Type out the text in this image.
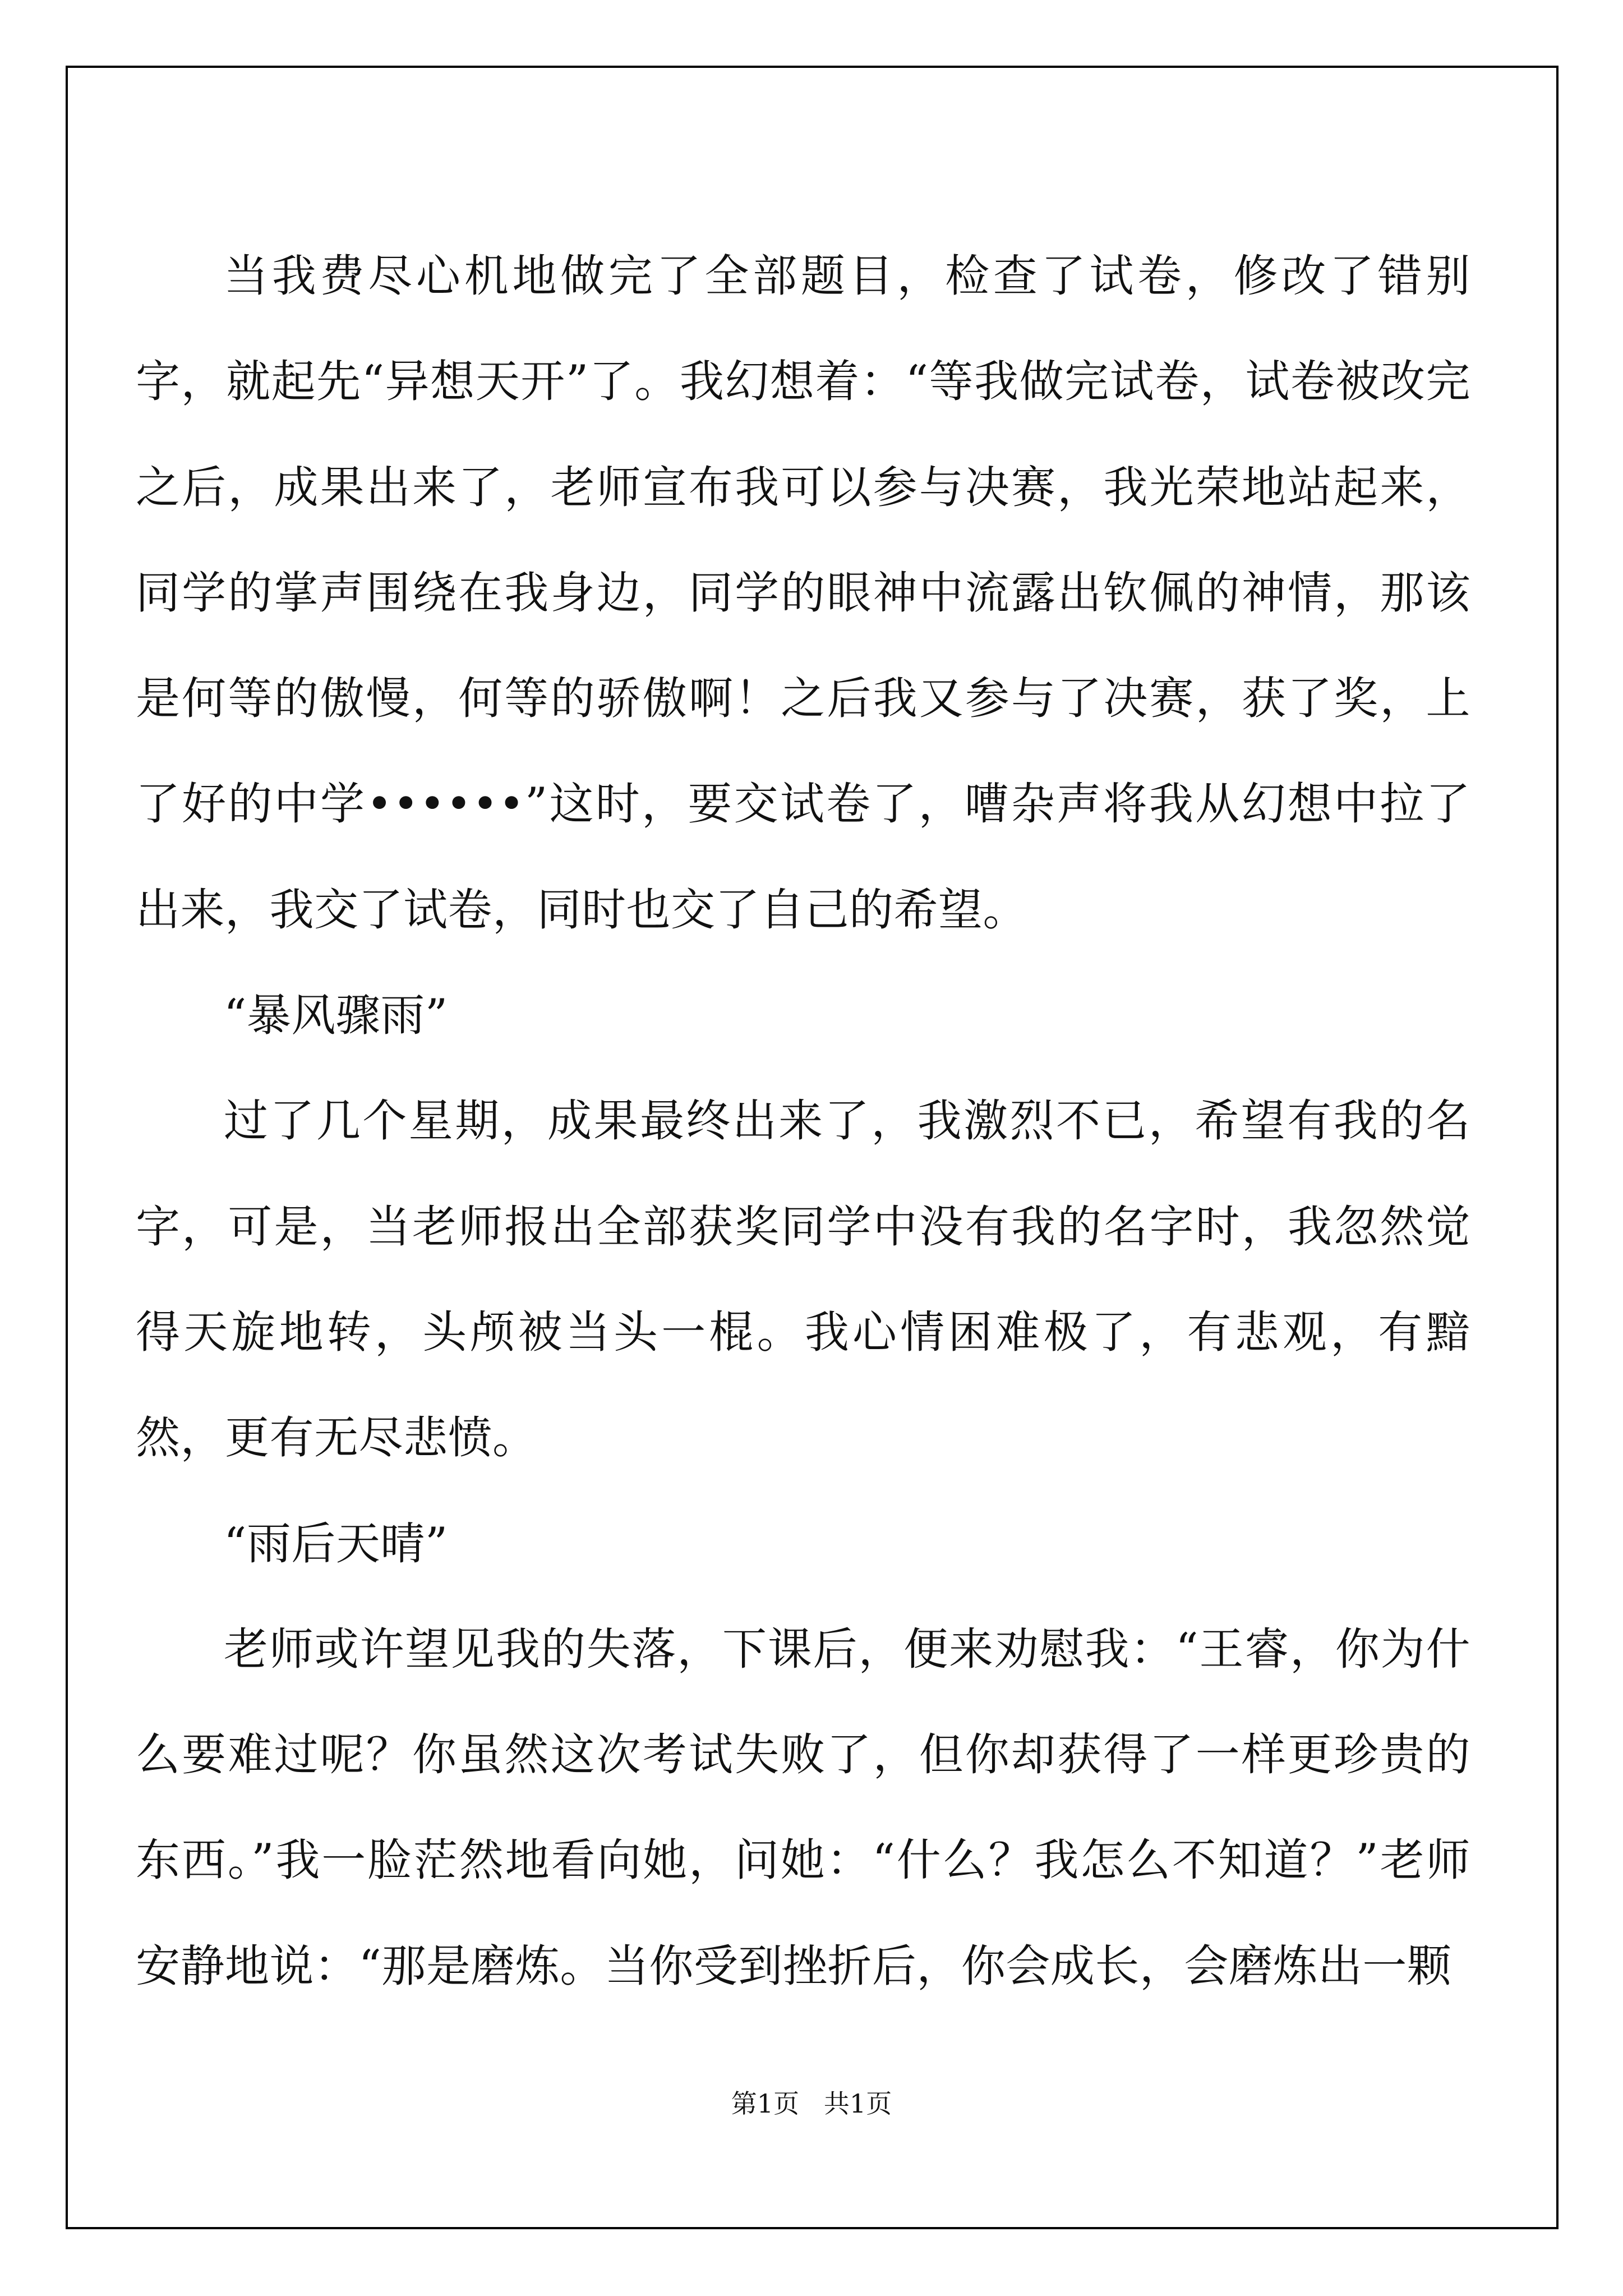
当我费尽心机地做完了全部题目，检查了试卷，修改了错别字，就起先“异想天开”了。我幻想着：“等我做完试卷，试卷被改完之后，成果出来了，老师宣布我可以参与决赛，我光荣地站起来，同学的掌声围绕在我身边，同学的眼神中流露出钦佩的神情，那该是何等的傲慢，何等的骄傲啊！之后我又参与了决赛，获了奖，上了好的中学••••••”这时，要交试卷了，嘈杂声将我从幻想中拉了出来，我交了试卷，同时也交了自己的希望。

“暴风骤雨”

过了几个星期，成果最终出来了，我激烈不已，希望有我的名字，可是，当老师报出全部获奖同学中没有我的名字时，我忽然觉得天旋地转，头颅被当头一棍。我心情困难极了，有悲观，有黯然，更有无尽悲愤。

“雨后天晴”

老师或许望见我的失落，下课后，便来劝慰我：“王睿，你为什么要难过呢？你虽然这次考试失败了，但你却获得了一样更珍贵的东西。”我一脸茫然地看向她，问她：“什么？我怎么不知道？”老师安静地说：“那是磨炼。当你受到挫折后，你会成长，会磨炼出一颗

第1页   共1页
